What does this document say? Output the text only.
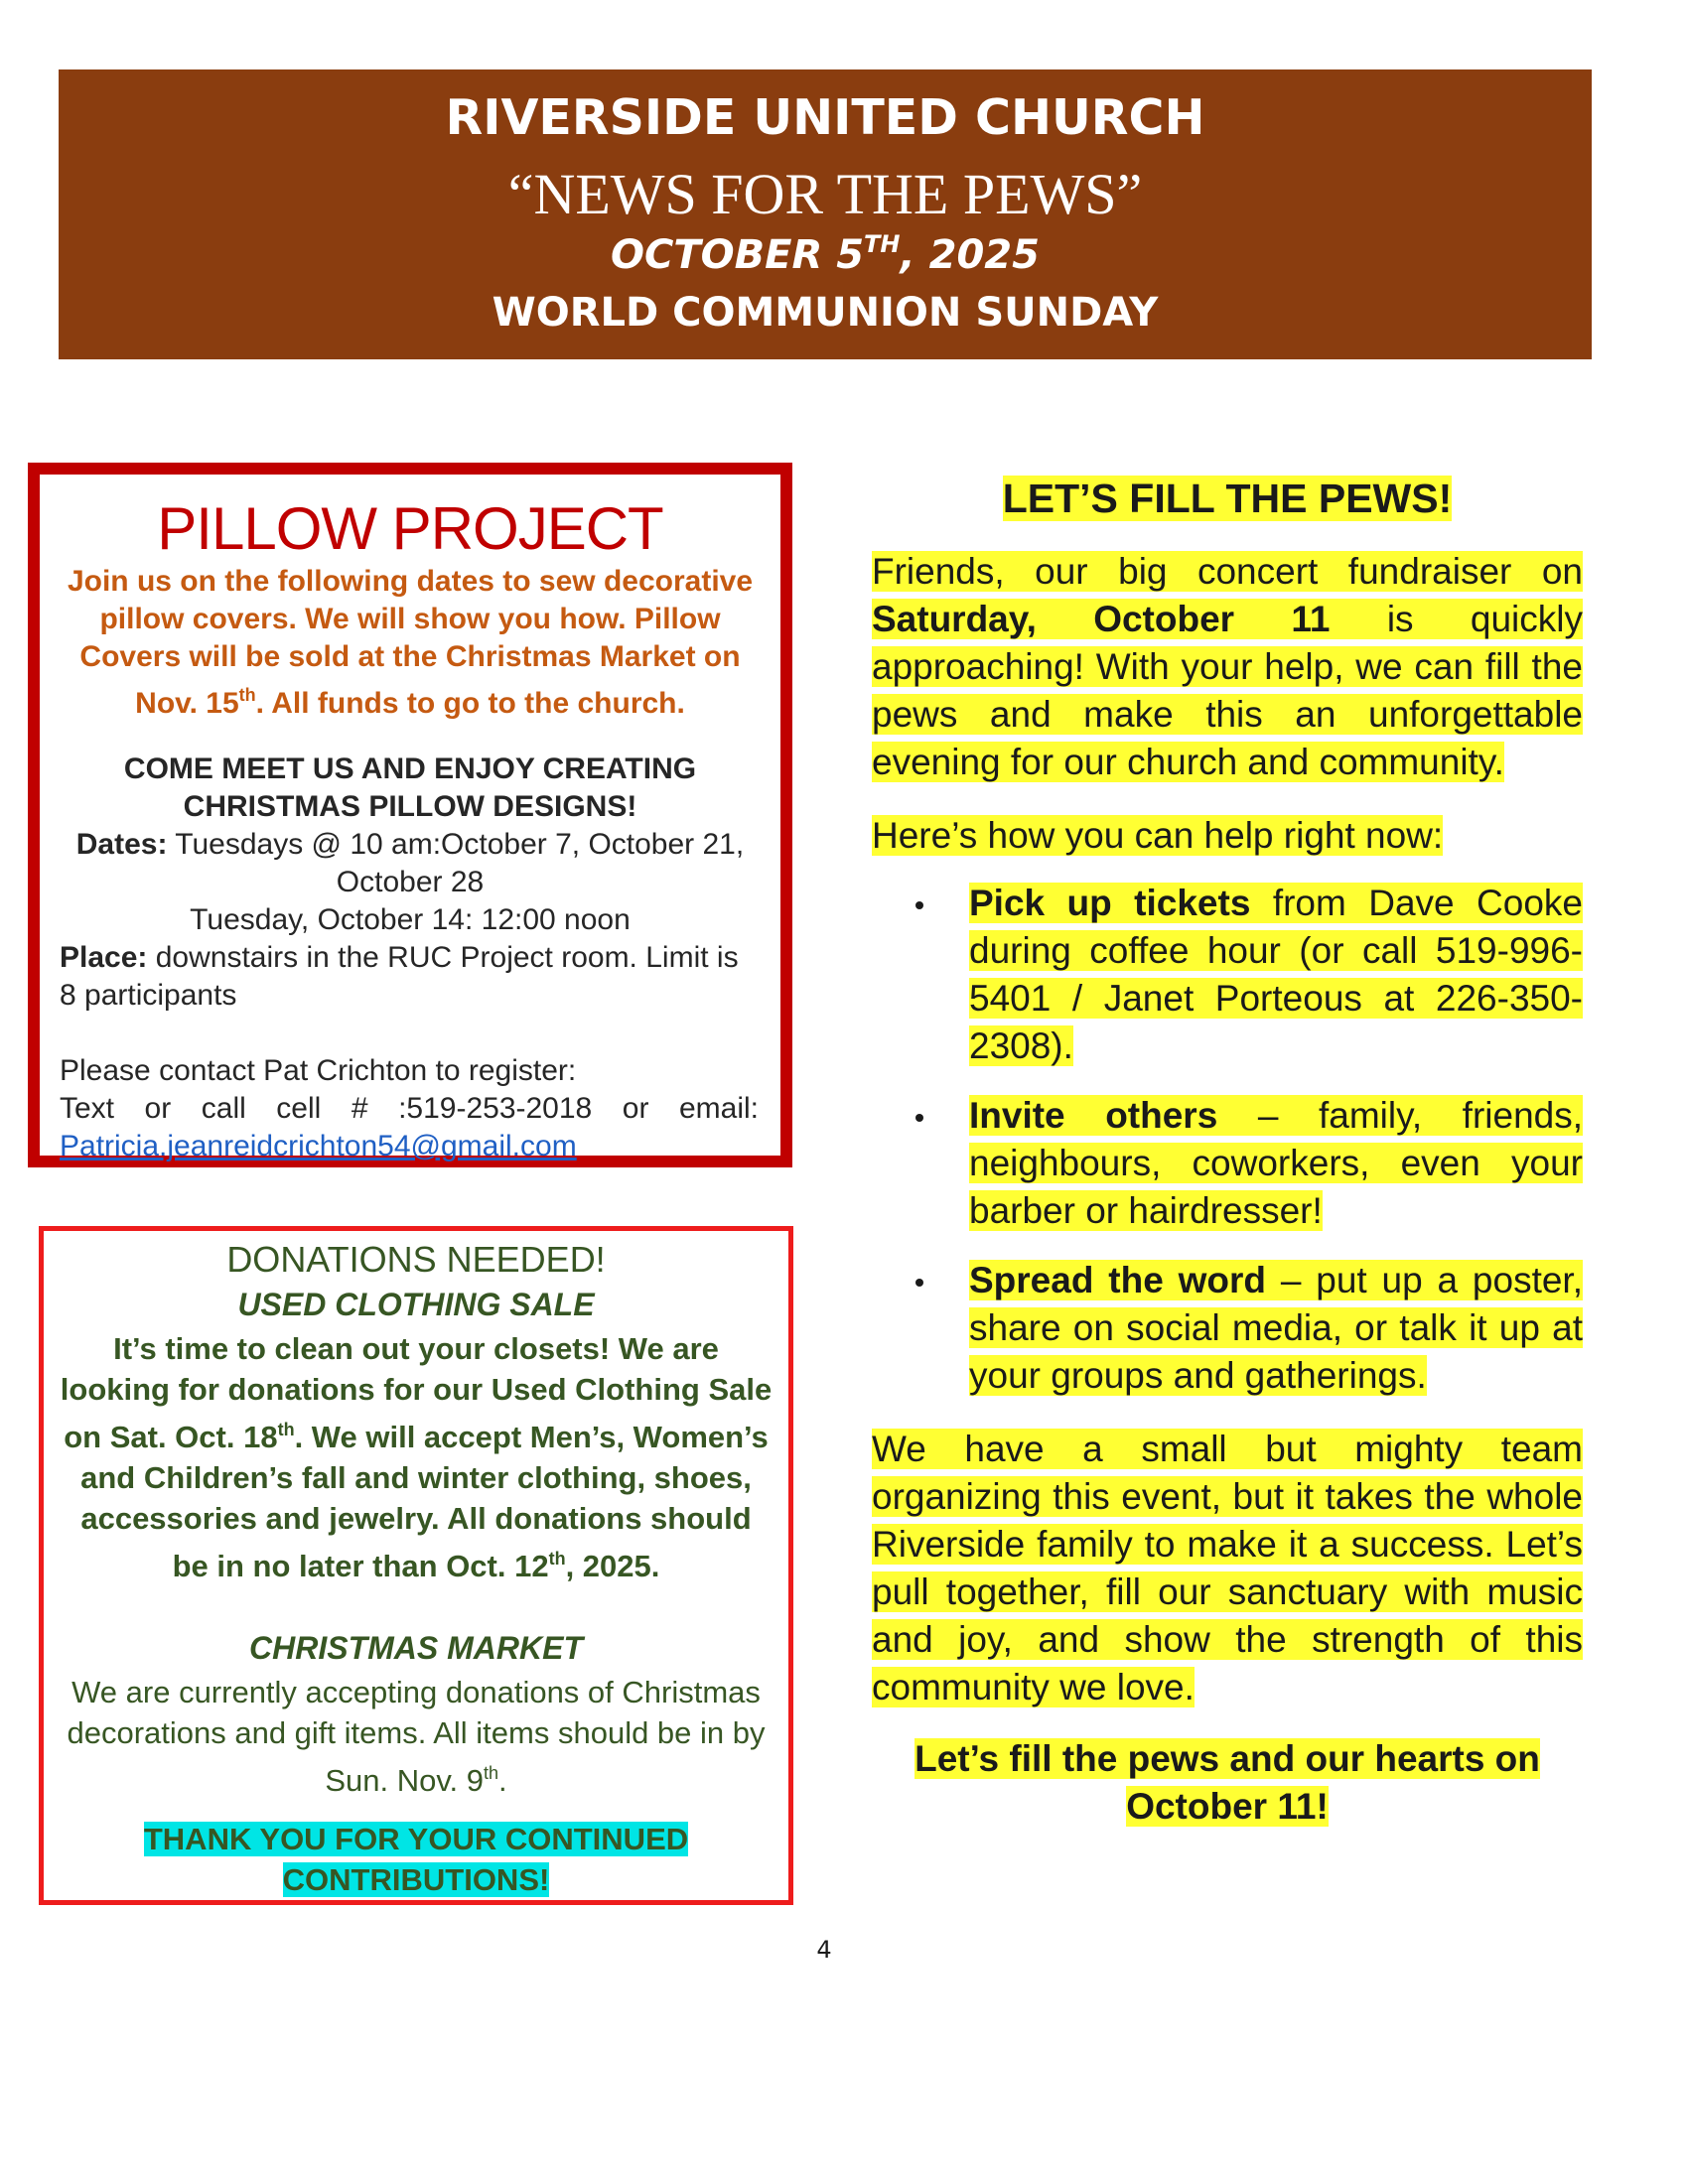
RIVERSIDE UNITED CHURCH
“NEWS FOR THE PEWS”
OCTOBER 5TH, 2025
WORLD COMMUNION SUNDAY
PILLOW PROJECT
Join us on the following dates to sew decorative pillow covers. We will show you how. Pillow Covers will be sold at the Christmas Market on Nov. 15th. All funds to go to the church.
COME MEET US AND ENJOY CREATING CHRISTMAS PILLOW DESIGNS!
Dates: Tuesdays @ 10 am:October 7, October 21, October 28
Tuesday, October 14: 12:00 noon
Place: downstairs in the RUC Project room. Limit is 8 participants
Please contact Pat Crichton to register:
Text or call cell # :519-253-2018 or email:
Patricia.jeanreidcrichton54@gmail.com
DONATIONS NEEDED!
USED CLOTHING SALE
It’s time to clean out your closets! We are looking for donations for our Used Clothing Sale on Sat. Oct. 18th. We will accept Men’s, Women’s and Children’s fall and winter clothing, shoes, accessories and jewelry. All donations should be in no later than Oct. 12th, 2025.
CHRISTMAS MARKET
We are currently accepting donations of Christmas decorations and gift items. All items should be in by Sun. Nov. 9th.
THANK YOU FOR YOUR CONTINUED
CONTRIBUTIONS!
LET’S FILL THE PEWS!
Friends, our big concert fundraiser on Saturday, October 11 is quickly approaching! With your help, we can fill the pews and make this an unforgettable evening for our church and community.
Here’s how you can help right now:
Pick up tickets from Dave Cooke during coffee hour (or call 519-996-5401 / Janet Porteous at 226-350-2308).
Invite others – family, friends, neighbours, coworkers, even your barber or hairdresser!
Spread the word – put up a poster, share on social media, or talk it up at your groups and gatherings.
We have a small but mighty team organizing this event, but it takes the whole Riverside family to make it a success. Let’s pull together, fill our sanctuary with music and joy, and show the strength of this community we love.
Let’s fill the pews and our hearts on
October 11!
4
